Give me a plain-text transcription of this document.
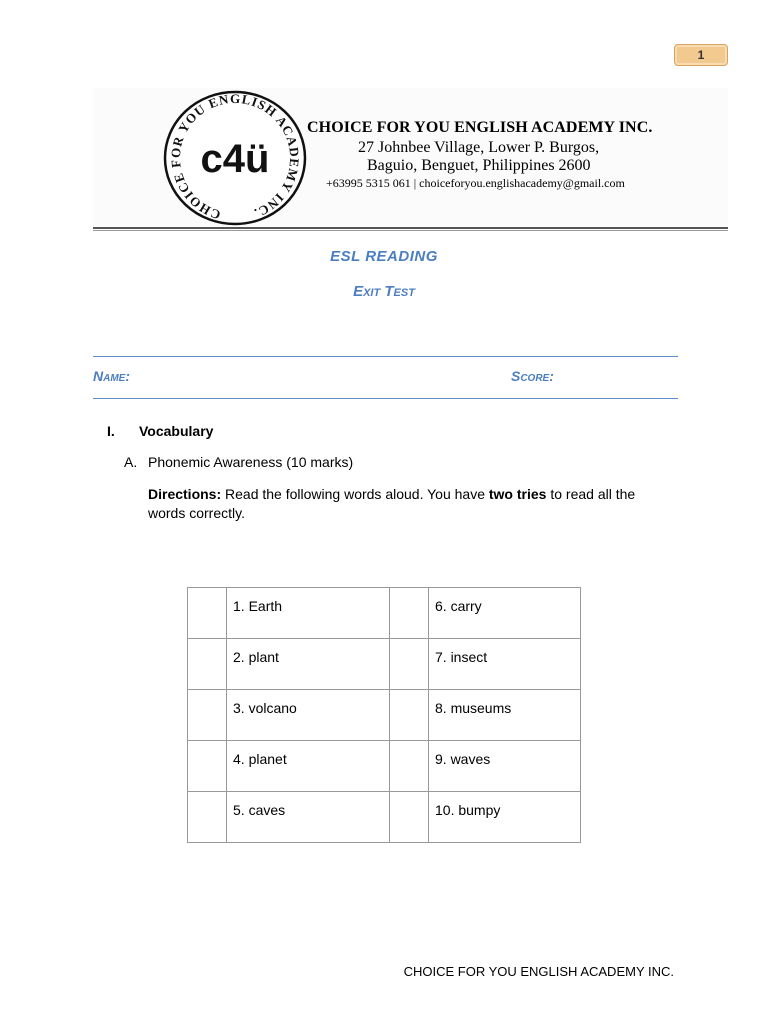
1
CHOICE FOR YOU ENGLISH ACADEMY INC.
c4ü
CHOICE FOR YOU ENGLISH ACADEMY INC.
27 Johnbee Village, Lower P. Burgos,
Baguio, Benguet, Philippines 2600
+63995 5315 061 | choiceforyou.englishacademy@gmail.com
ESL READING
Exit Test
Name:	Score:
I. Vocabulary
A. Phonemic Awareness (10 marks)
Directions: Read the following words aloud. You have two tries to read all the words correctly.
	1. Earth		6. carry
	2. plant		7. insect
	3. volcano		8. museums
	4. planet		9. waves
	5. caves		10. bumpy
CHOICE FOR YOU ENGLISH ACADEMY INC.
